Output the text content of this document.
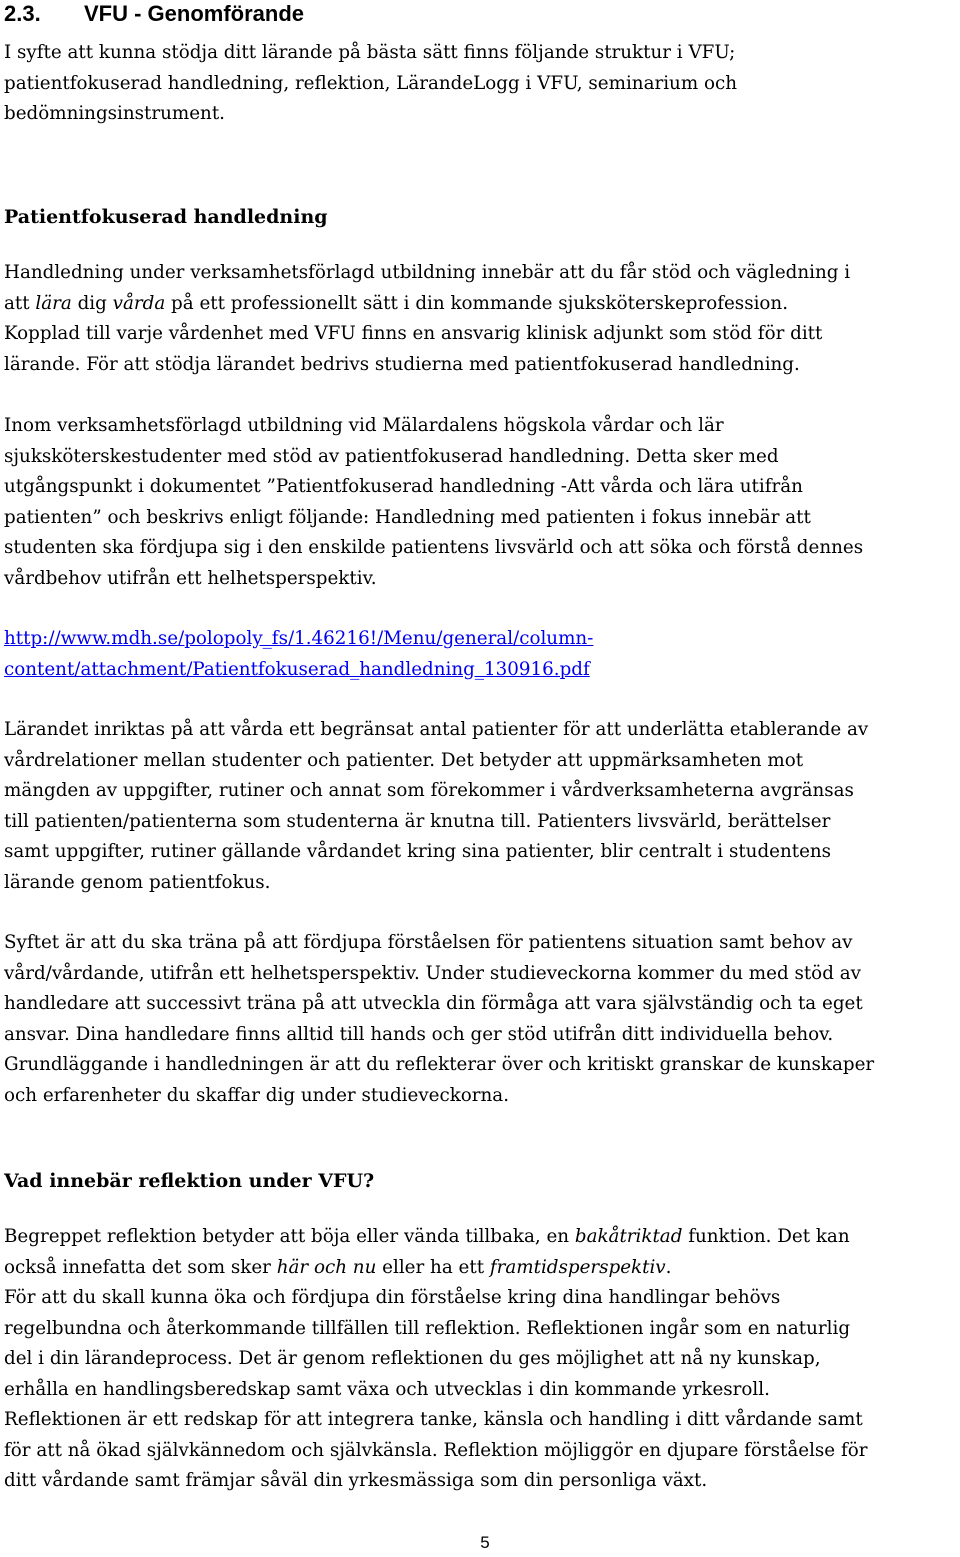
2.3. VFU - Genomförande

I syfte att kunna stödja ditt lärande på bästa sätt finns följande struktur i VFU;
patientfokuserad handledning, reflektion, LärandeLogg i VFU, seminarium och
bedömningsinstrument.

Patientfokuserad handledning

Handledning under verksamhetsförlagd utbildning innebär att du får stöd och vägledning i
att lära dig vårda på ett professionellt sätt i din kommande sjuksköterskeprofession.
Kopplad till varje vårdenhet med VFU finns en ansvarig klinisk adjunkt som stöd för ditt
lärande. För att stödja lärandet bedrivs studierna med patientfokuserad handledning.

Inom verksamhetsförlagd utbildning vid Mälardalens högskola vårdar och lär
sjuksköterskestudenter med stöd av patientfokuserad handledning. Detta sker med
utgångspunkt i dokumentet ”Patientfokuserad handledning -Att vårda och lära utifrån
patienten” och beskrivs enligt följande: Handledning med patienten i fokus innebär att
studenten ska fördjupa sig i den enskilde patientens livsvärld och att söka och förstå dennes
vårdbehov utifrån ett helhetsperspektiv.

http://www.mdh.se/polopoly_fs/1.46216!/Menu/general/column-
content/attachment/Patientfokuserad_handledning_130916.pdf

Lärandet inriktas på att vårda ett begränsat antal patienter för att underlätta etablerande av
vårdrelationer mellan studenter och patienter. Det betyder att uppmärksamheten mot
mängden av uppgifter, rutiner och annat som förekommer i vårdverksamheterna avgränsas
till patienten/patienterna som studenterna är knutna till. Patienters livsvärld, berättelser
samt uppgifter, rutiner gällande vårdandet kring sina patienter, blir centralt i studentens
lärande genom patientfokus.

Syftet är att du ska träna på att fördjupa förståelsen för patientens situation samt behov av
vård/vårdande, utifrån ett helhetsperspektiv. Under studieveckorna kommer du med stöd av
handledare att successivt träna på att utveckla din förmåga att vara självständig och ta eget
ansvar. Dina handledare finns alltid till hands och ger stöd utifrån ditt individuella behov.
Grundläggande i handledningen är att du reflekterar över och kritiskt granskar de kunskaper
och erfarenheter du skaffar dig under studieveckorna.

Vad innebär reflektion under VFU?

Begreppet reflektion betyder att böja eller vända tillbaka, en bakåtriktad funktion. Det kan
också innefatta det som sker här och nu eller ha ett framtidsperspektiv.

För att du skall kunna öka och fördjupa din förståelse kring dina handlingar behövs
regelbundna och återkommande tillfällen till reflektion. Reflektionen ingår som en naturlig
del i din lärandeprocess. Det är genom reflektionen du ges möjlighet att nå ny kunskap,
erhålla en handlingsberedskap samt växa och utvecklas i din kommande yrkesroll.
Reflektionen är ett redskap för att integrera tanke, känsla och handling i ditt vårdande samt
för att nå ökad självkännedom och självkänsla. Reflektion möjliggör en djupare förståelse för
ditt vårdande samt främjar såväl din yrkesmässiga som din personliga växt.

5
